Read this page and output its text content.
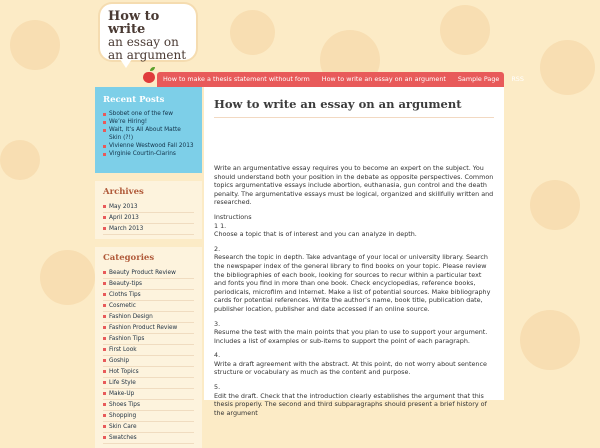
How to write
an essay on
an argument
How to make a thesis statement without form	How to write an essay on an argument	Sample Page	RSS
Recent Posts
Sbobet one of the few
We’re Hiring!
Wait, It’s All About Matte Skin (?!)
Vivienne Westwood Fall 2013
Virginie Courtin-Clarins
Archives
May 2013
April 2013
March 2013
Categories
Beauty Product Review
Beauty-tips
Cloths Tips
Cosmetic
Fashion Design
Fashion Product Review
Fashion Tips
First Look
Goship
Hot Topics
Life Style
Make-Up
Shoes Tips
Shopping
Skin Care
Swatches
How to write an essay on an argument

Write an argumentative essay requires you to become an expert on the subject. You should understand both your position in the debate as opposite perspectives. Common topics argumentative essays include abortion, euthanasia, gun control and the death penalty. The argumentative essays must be logical, organized and skillfully written and researched.

Instructions
1 1.
Choose a topic that is of interest and you can analyze in depth.

2.
Research the topic in depth. Take advantage of your local or university library. Search the newspaper index of the general library to find books on your topic. Please review the bibliographies of each book, looking for sources to recur within a particular text and fonts you find in more than one book. Check encyclopedias, reference books, periodicals, microfilm and Internet. Make a list of potential sources. Make bibliography cards for potential references. Write the author’s name, book title, publication date, publisher location, publisher and date accessed if an online source.

3.
Resume the test with the main points that you plan to use to support your argument. Includes a list of examples or sub-items to support the point of each paragraph.

4.
Write a draft agreement with the abstract. At this point, do not worry about sentence structure or vocabulary as much as the content and purpose.

5.
Edit the draft. Check that the introduction clearly establishes the argument that this thesis properly. The second and third subparagraphs should present a brief history of the argument
